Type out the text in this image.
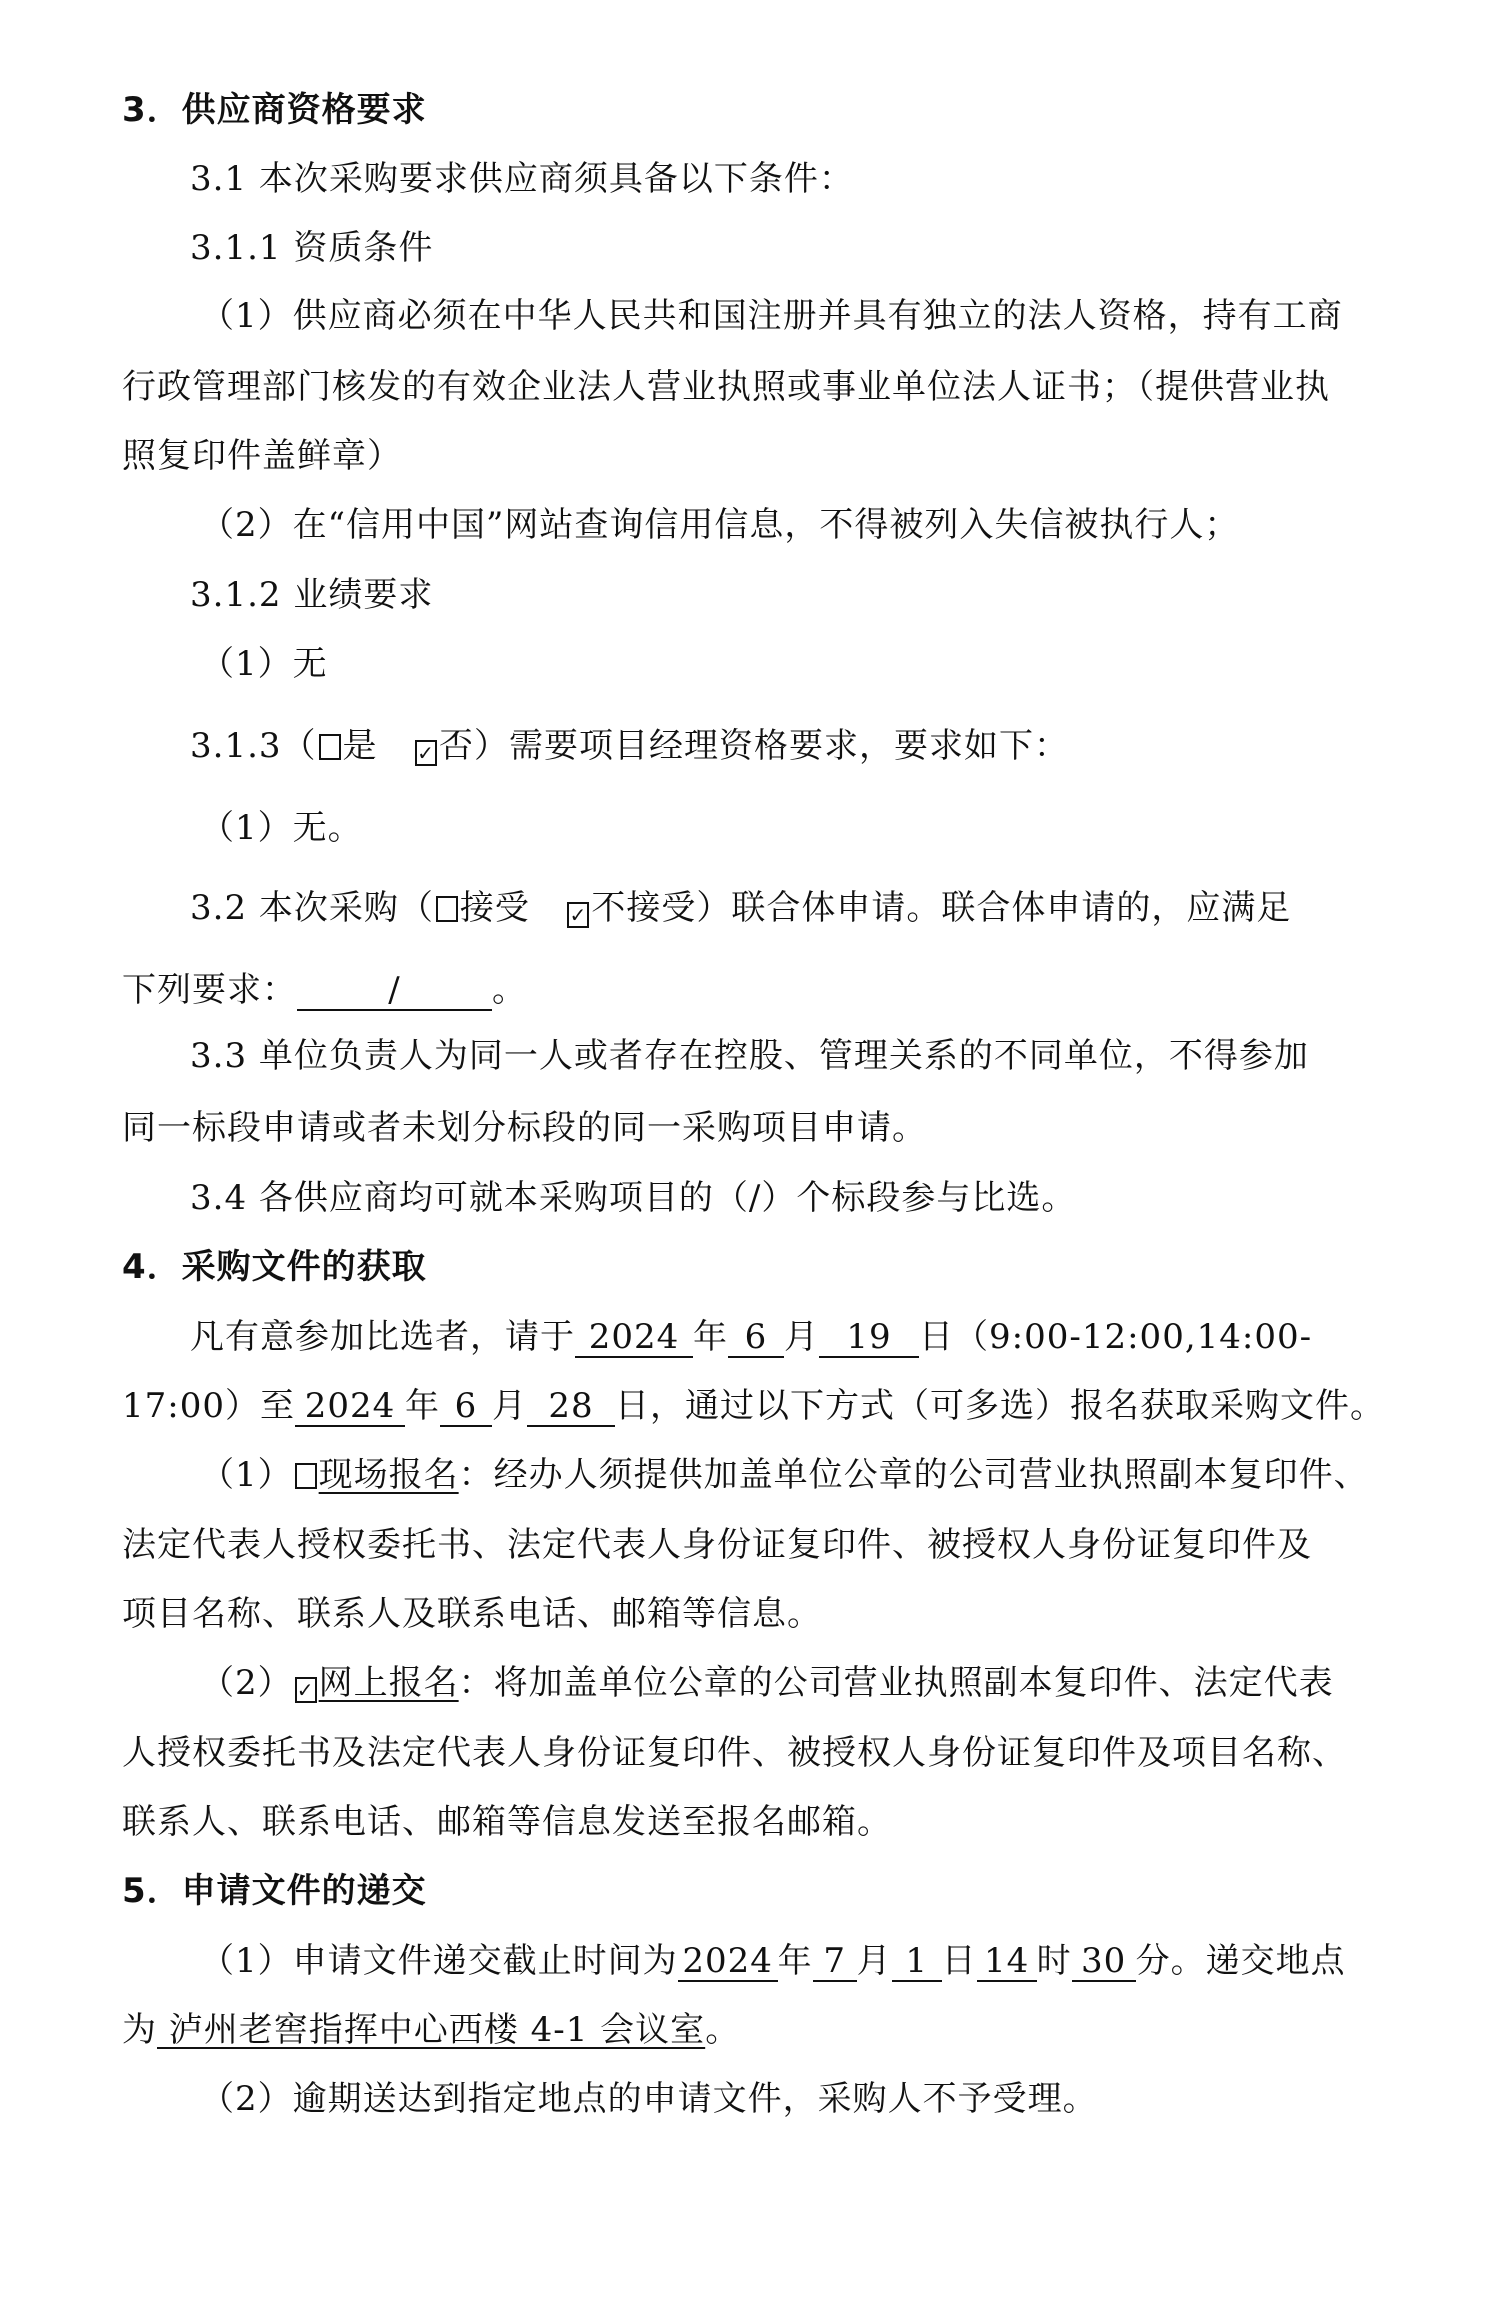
3．供应商资格要求
3.1 本次采购要求供应商须具备以下条件：
3.1.1 资质条件
（1）供应商必须在中华人民共和国注册并具有独立的法人资格，持有工商
行政管理部门核发的有效企业法人营业执照或事业单位法人证书；（提供营业执
照复印件盖鲜章）
（2）在“信用中国”网站查询信用信息，不得被列入失信被执行人；
3.1.2 业绩要求
（1）无
3.1.3（ 是 ✓ 否）需要项目经理资格要求，要求如下：
（1）无。
3.2 本次采购（ 接受 ✓ 不接受）联合体申请。联合体申请的，应满足
下列要求：	/	。
3.3 单位负责人为同一人或者存在控股、管理关系的不同单位，不得参加
同一标段申请或者未划分标段的同一采购项目申请。
3.4 各供应商均可就本采购项目的（/）个标段参与比选。
4．采购文件的获取
凡有意参加比选者，请于 2024 年 6 月 19 日（9:00-12:00,14:00-
17:00）至 2024 年 6 月 28 日，通过以下方式（可多选）报名获取采购文件。
（1） 现场报名：经办人须提供加盖单位公章的公司营业执照副本复印件、
法定代表人授权委托书、法定代表人身份证复印件、被授权人身份证复印件及
项目名称、联系人及联系电话、邮箱等信息。
（2） ✓ 网上报名：将加盖单位公章的公司营业执照副本复印件、法定代表
人授权委托书及法定代表人身份证复印件、被授权人身份证复印件及项目名称、
联系人、联系电话、邮箱等信息发送至报名邮箱。
5．申请文件的递交
（1）申请文件递交截止时间为 2024 年 7 月 1 日 14 时 30 分。递交地点
为 泸州老窖指挥中心西楼 4-1 会议室。
（2）逾期送达到指定地点的申请文件，采购人不予受理。
